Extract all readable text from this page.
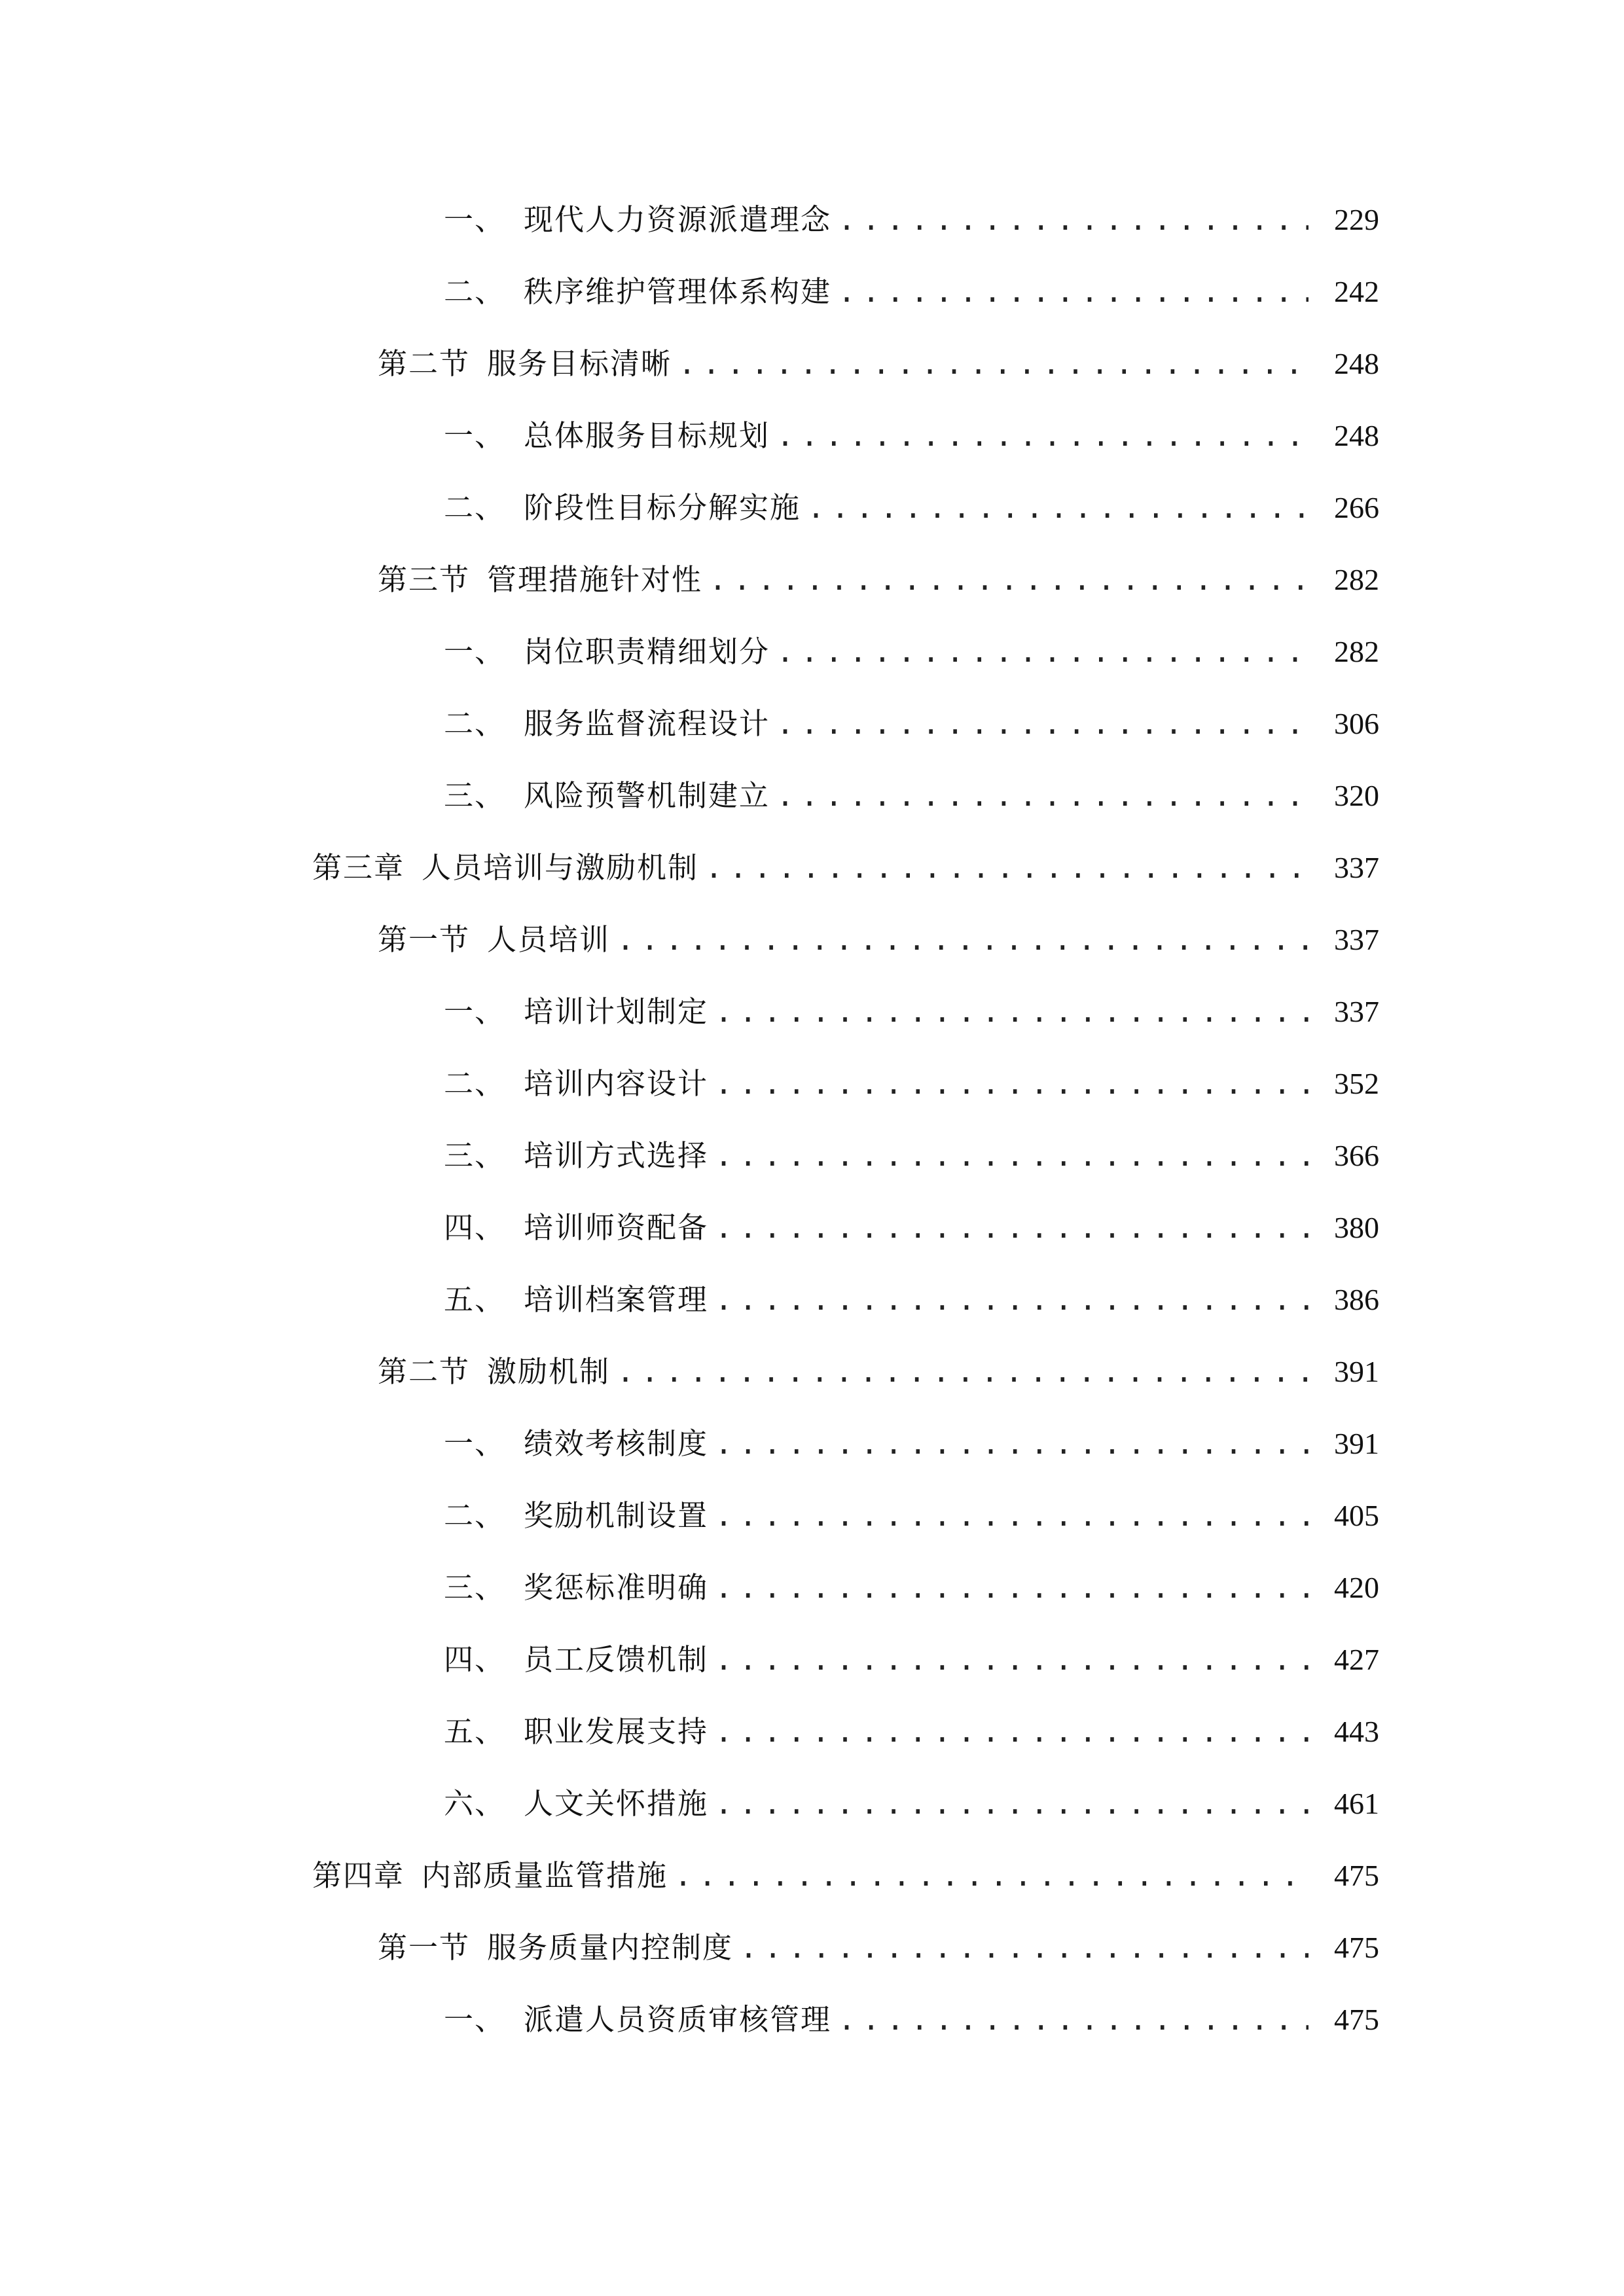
一、 现代人力资源派遣理念 .....	229
二、 秩序维护管理体系构建 .....	242
第二节 服务目标清晰 .....	248
一、 总体服务目标规划 .....	248
二、 阶段性目标分解实施 .....	266
第三节 管理措施针对性 .....	282
一、 岗位职责精细划分 .....	282
二、 服务监督流程设计 .....	306
三、 风险预警机制建立 .....	320
第三章 人员培训与激励机制 .....	337
第一节 人员培训 .....	337
一、 培训计划制定 .....	337
二、 培训内容设计 .....	352
三、 培训方式选择 .....	366
四、 培训师资配备 .....	380
五、 培训档案管理 .....	386
第二节 激励机制 .....	391
一、 绩效考核制度 .....	391
二、 奖励机制设置 .....	405
三、 奖惩标准明确 .....	420
四、 员工反馈机制 .....	427
五、 职业发展支持 .....	443
六、 人文关怀措施 .....	461
第四章 内部质量监管措施 .....	475
第一节 服务质量内控制度 .....	475
一、 派遣人员资质审核管理 .....	475
